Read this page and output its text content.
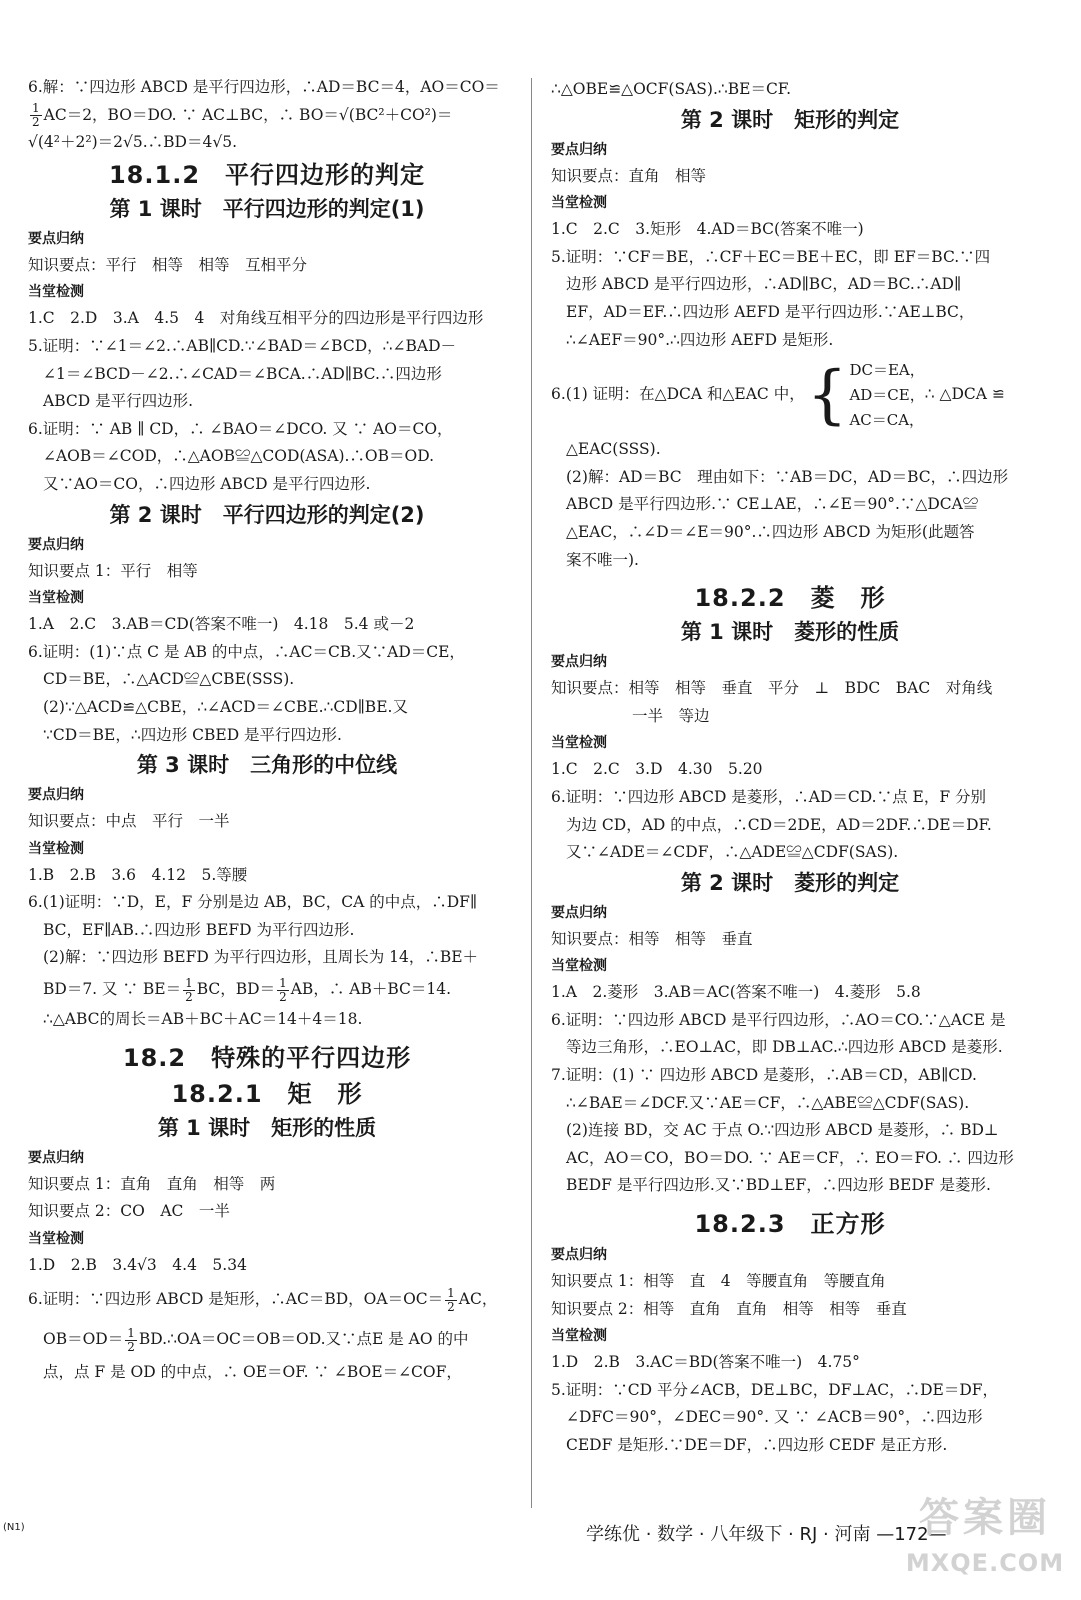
6.解：∵四边形 ABCD 是平行四边形，∴AD＝BC＝4，AO＝CO＝
$\frac{1}{2} AC=2$，BO＝DO. ∵ AC⊥BC，∴ BO＝√(BC²＋CO²)＝
√(4²＋2²)＝2√5.∴BD＝4√5.
18.1.2　平行四边形的判定
第 1 课时　平行四边形的判定(1)
要点归纳
知识要点：平行　相等　相等　互相平分
当堂检测
1.C　2.D　3.A　4.5　4　对角线互相平分的四边形是平行四边形
5.证明：∵∠1＝∠2.∴AB∥CD.∵∠BAD＝∠BCD，∴∠BAD－
∠1＝∠BCD－∠2.∴∠CAD＝∠BCA.∴AD∥BC.∴四边形
ABCD 是平行四边形.
6.证明：∵ AB ∥ CD，∴ ∠BAO＝∠DCO. 又 ∵ AO＝CO，
∠AOB＝∠COD，∴△AOB≌△COD(ASA).∴OB＝OD.
又∵AO＝CO，∴四边形 ABCD 是平行四边形.
第 2 课时　平行四边形的判定(2)
要点归纳
知识要点 1：平行　相等
当堂检测
1.A　2.C　3.AB＝CD(答案不唯一)　4.18　5.4 或－2
6.证明：(1)∵点 C 是 AB 的中点，∴AC＝CB.又∵AD＝CE，
CD＝BE，∴△ACD≌△CBE(SSS).
(2)∵△ACD≌△CBE，∴∠ACD＝∠CBE.∴CD∥BE.又
∵CD＝BE，∴四边形 CBED 是平行四边形.
第 3 课时　三角形的中位线
要点归纳
知识要点：中点　平行　一半
当堂检测
1.B　2.B　3.6　4.12　5.等腰
6.(1)证明：∵D，E，F 分别是边 AB，BC，CA 的中点，∴DF∥
BC，EF∥AB.∴四边形 BEFD 为平行四边形.
(2)解：∵四边形 BEFD 为平行四边形，且周长为 14，∴BE＋
BD＝7. 又 ∵ $BE= \frac{1}{2}$ BC，$BD= \frac{1}{2}$ AB，∴ AB＋BC＝14.
∴△ABC的周长＝AB＋BC＋AC＝14＋4＝18.
18.2　特殊的平行四边形
18.2.1　矩　形
第 1 课时　矩形的性质
要点归纳
知识要点 1：直角　直角　相等　两
知识要点 2：CO　AC　一半
当堂检测
1.D　2.B　3.4√3　4.4　5.34
6.证明：∵四边形 ABCD 是矩形，∴AC＝BD，$OA=OC= \frac{1}{2}$ AC，
$OB=OD= \frac{1}{2}$ BD.∴OA＝OC＝OB＝OD.又∵点E 是 AO 的中
点，点 F 是 OD 的中点，∴ OE＝OF. ∵ ∠BOE＝∠COF，
∴△OBE≌△OCF(SAS).∴BE＝CF.
第 2 课时　矩形的判定
要点归纳
知识要点：直角　相等
当堂检测
1.C　2.C　3.矩形　4.AD＝BC(答案不唯一)
5.证明：∵CF＝BE，∴CF＋EC＝BE＋EC，即 EF＝BC.∵四
边形 ABCD 是平行四边形，∴AD∥BC，AD＝BC.∴AD∥
EF，AD＝EF.∴四边形 AEFD 是平行四边形.∵AE⊥BC，
∴∠AEF＝90°.∴四边形 AEFD 是矩形.
6.(1) 证明：在△DCA 和△EAC 中， { DC＝EA，
AD＝CE，
AC＝CA，
∴ △DCA ≌
△EAC(SSS).
(2)解：AD＝BC　理由如下：∵AB＝DC，AD＝BC，∴四边形
ABCD 是平行四边形.∵ CE⊥AE，∴∠E＝90°.∵△DCA≌
△EAC，∴∠D＝∠E＝90°.∴四边形 ABCD 为矩形(此题答
案不唯一).
18.2.2　菱　形
第 1 课时　菱形的性质
要点归纳
知识要点：相等　相等　垂直　平分　⊥　BDC　BAC　对角线
一半　等边
当堂检测
1.C　2.C　3.D　4.30　5.20
6.证明：∵四边形 ABCD 是菱形，∴AD＝CD.∵点 E，F 分别
为边 CD，AD 的中点，∴CD＝2DE，AD＝2DF.∴DE＝DF.
又∵∠ADE＝∠CDF，∴△ADE≌△CDF(SAS).
第 2 课时　菱形的判定
要点归纳
知识要点：相等　相等　垂直
当堂检测
1.A　2.菱形　3.AB＝AC(答案不唯一)　4.菱形　5.8
6.证明：∵四边形 ABCD 是平行四边形，∴AO＝CO.∵△ACE 是
等边三角形，∴EO⊥AC，即 DB⊥AC.∴四边形 ABCD 是菱形.
7.证明：(1) ∵ 四边形 ABCD 是菱形，∴AB＝CD，AB∥CD.
∴∠BAE＝∠DCF.又∵AE＝CF，∴△ABE≌△CDF(SAS).
(2)连接 BD，交 AC 于点 O.∵四边形 ABCD 是菱形，∴ BD⊥
AC，AO＝CO，BO＝DO. ∵ AE＝CF，∴ EO＝FO. ∴ 四边形
BEDF 是平行四边形.又∵BD⊥EF，∴四边形 BEDF 是菱形.
18.2.3　正方形
要点归纳
知识要点 1：相等　直　4　等腰直角　等腰直角
知识要点 2：相等　直角　直角　相等　相等　垂直
当堂检测
1.D　2.B　3.AC＝BD(答案不唯一)　4.75°
5.证明：∵CD 平分∠ACB，DE⊥BC，DF⊥AC，∴DE＝DF，
∠DFC＝90°，∠DEC＝90°. 又 ∵ ∠ACB＝90°，∴四边形
CEDF 是矩形.∵DE＝DF，∴四边形 CEDF 是正方形.
(N1)	学练优 · 数学 · 八年级下 · RJ · 河南 —172—
答案圈
MXQE.COM
